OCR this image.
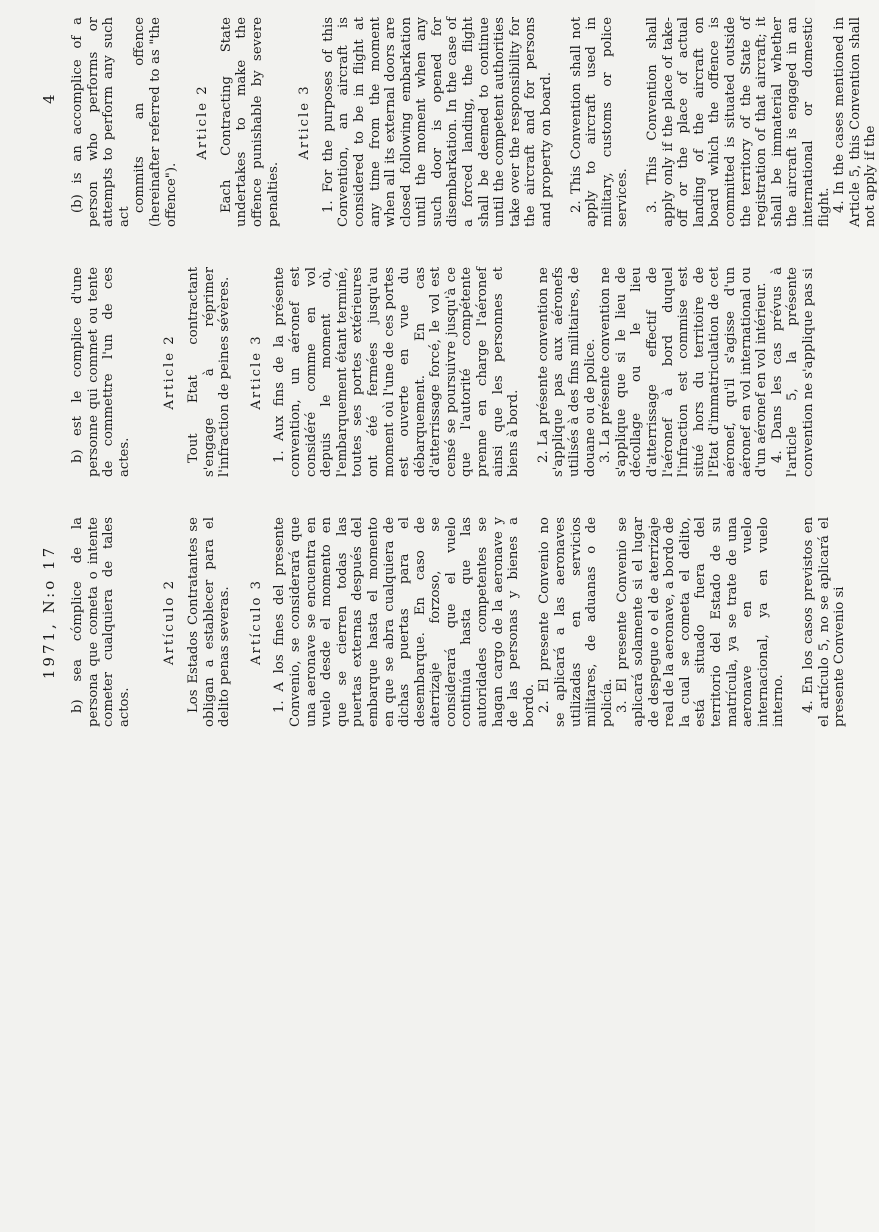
4
1971, N:o 17

(b) is an accomplice of a person who performs or attempts to perform any such act

commits an offence (hereinafter referred to as "the offence").

Article 2 Each Contracting State undertakes to make the offence punishable by severe penalties.

Article 3 1. For the purposes of this Convention, an aircraft is considered to be in flight at any time from the moment when all its external doors are closed following embarkation until the moment when any such door is opened for disembarkation. In the case of a forced landing, the flight shall be deemed to continue until the competent authorities take over the responsibility for the aircraft and for persons and property on board. 2. This Convention shall not apply to aircraft used in military, customs or police services. 3. This Convention shall apply only if the place of take-off or the place of actual landing of the aircraft on board which the offence is committed is situated outside the territory of the State of registration of that aircraft; it shall be immaterial whether the aircraft is engaged in an international or domestic flight. 4. In the cases mentioned in Article 5, this Convention shall not apply if the

b) est le complice d'une personne qui commet ou tente de commettre l'un de ces actes.

Article 2 Tout Etat contractant s'engage à réprimer l'infraction de peines sévères. Article 3 1. Aux fins de la présente convention, un aéronef est considéré comme en vol depuis le moment où, l'embarquement étant terminé, toutes ses portes extérieures ont été fermées jusqu'au moment où l'une de ces portes est ouverte en vue du débarquement. En cas d'atterrissage forcé, le vol est censé se poursuivre jusqu'à ce que l'autorité compétente prenne en charge l'aéronef ainsi que les personnes et biens à bord. 2. La présente convention ne s'applique pas aux aéronefs utilisés à des fins militaires, de douane ou de police. 3. La présente convention ne s'applique que si le lieu de décollage ou le lieu d'atterrissage effectif de l'aéronef à bord duquel l'infraction est commise est situé hors du territoire de l'Etat d'immatriculation de cet aéronef, qu'il s'agisse d'un aéronef en vol international ou d'un aéronef en vol intérieur. 4. Dans les cas prévus à l'article 5, la présente convention ne s'applique pas si

b) sea cómplice de la persona que cometa o intente cometer cualquiera de tales actos.

Artículo 2 Los Estados Contratantes se obligan a establecer para el delito penas severas. Artículo 3 1. A los fines del presente Convenio, se considerará que una aeronave se encuentra en vuelo desde el momento en que se cierren todas las puertas externas después del embarque hasta el momento en que se abra cualquiera de dichas puertas para el desembarque. En caso de aterrizaje forzoso, se considerará que el vuelo continúa hasta que las autoridades competentes se hagan cargo de la aeronave y de las personas y bienes a bordo. 2. El presente Convenio no se aplicará a las aeronaves utilizadas en servicios militares, de aduanas o de policía. 3. El presente Convenio se aplicará solamente si el lugar de despegue o el de aterrizaje real de la aeronave, a bordo de la cual se cometa el delito, está situado fuera del territorio del Estado de su matrícula, ya se trate de una aeronave en vuelo internacional, ya en vuelo interno. 4. En los casos previstos en el artículo 5, no se aplicará el presente Convenio si
